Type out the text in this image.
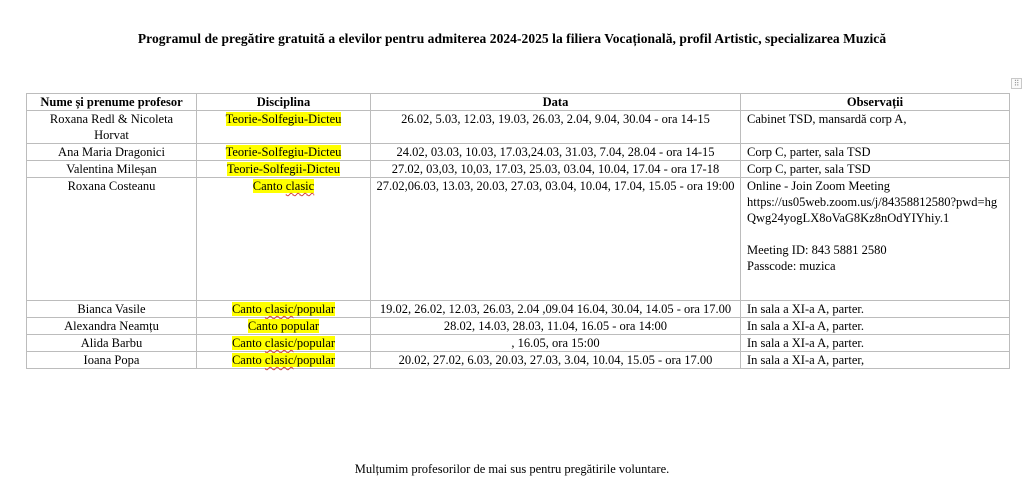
Programul de pregătire gratuită a elevilor pentru admiterea 2024-2025 la filiera Vocațională, profil Artistic, specializarea Muzică
⠿
Nume și prenume profesor	Disciplina	Data	Observații
Roxana Redl & Nicoleta Horvat	Teorie-Solfegiu-Dicteu	26.02, 5.03, 12.03, 19.03, 26.03, 2.04, 9.04, 30.04 - ora 14-15	Cabinet TSD, mansardă corp A,
Ana Maria Dragonici	Teorie-Solfegiu-Dicteu	24.02, 03.03, 10.03, 17.03,24.03, 31.03, 7.04, 28.04 - ora 14-15	Corp C, parter, sala TSD
Valentina Mileșan	Teorie-Solfegii-Dicteu	27.02, 03,03, 10,03, 17.03, 25.03, 03.04, 10.04, 17.04 - ora 17-18	Corp C, parter, sala TSD
Roxana Costeanu	Canto clasic	27.02,06.03, 13.03, 20.03, 27.03, 03.04, 10.04, 17.04, 15.05 - ora 19:00	Online - Join Zoom Meeting
https://us05web.zoom.us/j/84358812580?pwd=hgQwg24yogLX8oVaG8Kz8nOdYIYhiy.1
Meeting ID: 843 5881 2580
Passcode: muzica

Bianca Vasile	Canto clasic/popular	19.02, 26.02, 12.03, 26.03, 2.04 ,09.04 16.04, 30.04, 14.05 - ora 17.00	In sala a XI-a A, parter.
Alexandra Neamțu	Canto popular	28.02, 14.03, 28.03, 11.04, 16.05 - ora 14:00	In sala a XI-a A, parter.
Alida Barbu	Canto clasic/popular	, 16.05, ora 15:00	In sala a XI-a A, parter.
Ioana Popa	Canto clasic/popular	20.02, 27.02, 6.03, 20.03, 27.03, 3.04, 10.04, 15.05 - ora 17.00	In sala a XI-a A, parter,
Mulțumim profesorilor de mai sus pentru pregătirile voluntare.
